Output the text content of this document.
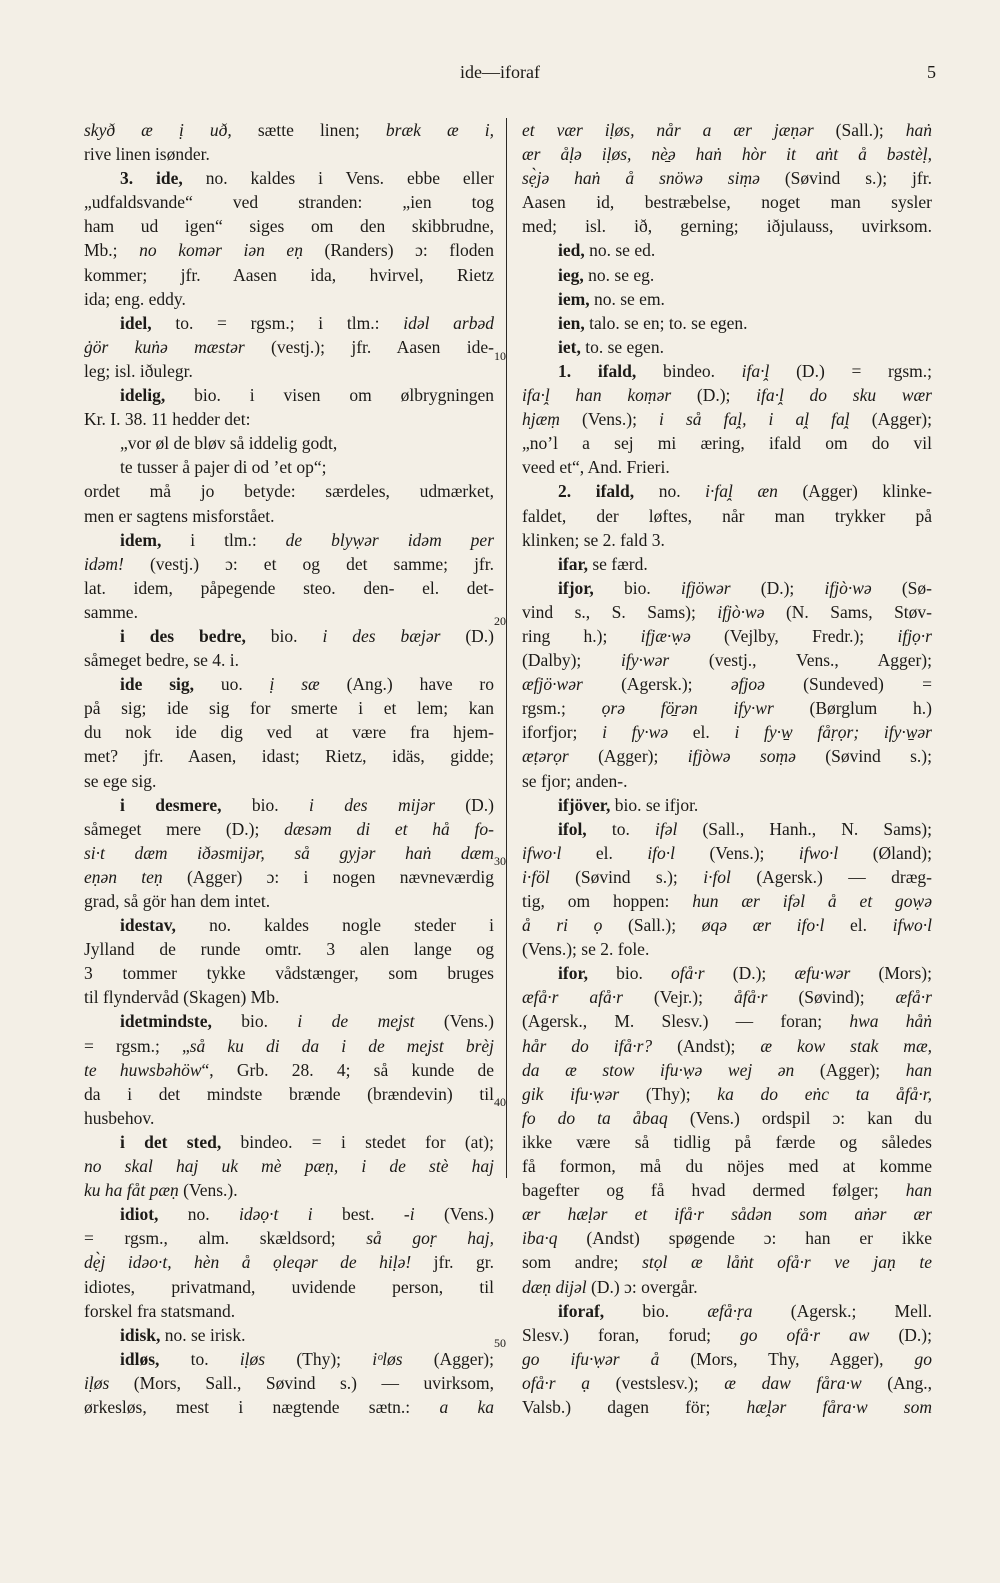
ide—iforaf	5
skyð æ ị uð, sætte linen; bræk æ i,
rive linen isønder.
3. ide, no. kaldes i Vens. ebbe eller
„udfaldsvande“ ved stranden: „ien tog
ham ud igen“ siges om den skibbrudne,
Mb.; no komər iən eṇ (Randers) ɔ: floden
kommer; jfr. Aasen ida, hvirvel, Rietz
ida; eng. eddy.
idel, to. = rgsm.; i tlm.: idəl arbəd
ġör kuṅə mæstər (vestj.); jfr. Aasen ide-
leg; isl. iðulegr.
idelig, bio. i visen om ølbrygningen
Kr. I. 38. 11 hedder det:
„vor øl de bløv så iddelig godt,
te tusser å pajer di od ’et op“;
ordet må jo betyde: særdeles, udmærket,
men er sagtens misforstået.
idem, i tlm.: de blyẉər idəm per
idəm! (vestj.) ɔ: et og det samme; jfr.
lat. idem, påpegende steo. den- el. det-
samme.
i des bedre, bio. i des bæjər (D.)
såmeget bedre, se 4. i.
ide sig, uo. ị sæ (Ang.) have ro
på sig; ide sig for smerte i et lem; kan
du nok ide dig ved at være fra hjem-
met? jfr. Aasen, idast; Rietz, idäs, gidde;
se ege sig.
i desmere, bio. i des mijər (D.)
såmeget mere (D.); dæsəm di et hå fo-
si·t dæm iðəsmijər, så gyjər haṅ dæm
eṇən teṇ (Agger) ɔ: i nogen nævneværdig
grad, så gör han dem intet.
idestav, no. kaldes nogle steder i
Jylland de runde omtr. 3 alen lange og
3 tommer tykke vådstænger, som bruges
til flyndervåd (Skagen) Mb.
idetmindste, bio. i de meͅjst (Vens.)
= rgsm.; „så ku di da i de meͅjst brèj
te huwsbəhöw“, Grb. 28. 4; så kunde de
da i det mindste brænde (brændevin) til
husbehov.
i det sted, bindeo. = i stedet for (at);
no skal haj uk mè pæṇ, i de stè haj
ku ha fåt pæṇ (Vens.).
idiot, no. idəọ·t i best. -i (Vens.)
= rgsm., alm. skældsord; så goṛ haj,
dẹ̀j idəo·t, hèn å ọleqər de hiḷə! jfr. gr.
idiotes, privatmand, uvidende person, til
forskel fra statsmand.
idisk, no. se irisk.
idløs, to. iḷøs (Thy); iᵒløs (Agger);
iḷøs (Mors, Sall., Søvind s.) — uvirksom,
ørkesløs, mest i nægtende sætn.: a ka
et vær iḷøs, når a ær jæṇər (Sall.); haṅ
ær åḷə iḷøs, nè̱ə haṅ hòr it aṅt å bəstèḷ,
sẹ̀jə haṅ å snöwə siṃə (Søvind s.); jfr.
Aasen id, bestræbelse, noget man sysler
med; isl. ið, gerning; iðjulauss, uvirksom.
ied, no. se ed.
ieg, no. se eg.
iem, no. se em.
ien, talo. se en; to. se egen.
iet, to. se egen.
1. ifald, bindeo. ifa·ḽ (D.) = rgsm.;
ifa·ḽ han koṃər (D.); ifa·ḽ do sku wær
hjæṃ (Vens.); i så faḽ, i aḽ faḽ (Agger);
„no’l a sej mi æring, ifald om do vil
veed et“, And. Frieri.
2. ifald, no. i·faḽ æn (Agger) klinke-
faldet, der løftes, når man trykker på
klinken; se 2. fald 3.
ifar, se færd.
ifjor, bio. ifjöwər (D.); ifjò·wə (Sø-
vind s., S. Sams); ifjò·wə (N. Sams, Støv-
ring h.); ifjæ·ẉə (Vejlby, Fredr.); ifjọ·r
(Dalby); ify·wər (vestj., Vens., Agger);
æfjö·wər (Agersk.); əfjoə (Sundeved) =
rgsm.; ọrə fö̱rən ify·wr (Børglum h.)
iforfjor; i fy·wə el. i fy·w̱ fåṛọr; ify·w̱ər
æṭərọr (Agger); ifjòwə soṃə (Søvind s.);
se fjor; anden-.
ifjöver, bio. se ifjor.
ifol, to. ifəl (Sall., Hanh., N. Sams);
ifwo·l el. ifo·l (Vens.); ifwo·l (Øland);
i·föl (Søvind s.); i·fol (Agersk.) — dræg-
tig, om hoppen: hun ær ifəl å et goẉə
å ri ọ (Sall.); øqə ær ifo·l el. ifwo·l
(Vens.); se 2. fole.
ifor, bio. ofå·r (D.); æfu·wər (Mors);
æfå·r afå·r (Vejr.); åfå·r (Søvind); æfå·r
(Agersk., M. Slesv.) — foran; hwa håṅ
hår do ifå·r? (Andst); æ kow stak mæ,
da æ stow ifu·ẉə wej ən (Agger); han
gik ifu·ẉər (Thy); ka do eṅc ta åfå·r,
fo do ta åbaq (Vens.) ordspil ɔ: kan du
ikke være så tidlig på færde og således
få formon, må du nöjes med at komme
bagefter og få hvad dermed følger; han
ær hæḷər et ifå·r sådən som aṅər ær
iba·q (Andst) spøgende ɔ: han er ikke
som andre; stọl æ låṅt ofå·r ve jaṇ te
dæṇ dijəl (D.) ɔ: overgår.
iforaf, bio. æfå·ṛa (Agersk.; Mell.
Slesv.) foran, forud; go ofå·r aw (D.);
go ifu·ẉər å (Mors, Thy, Agger), go
ofå·r ạ (vestslesv.); æ daw fåra·w (Ang.,
Valsb.) dagen för; hæḽər fåra·w som
10
20
30
40
50
